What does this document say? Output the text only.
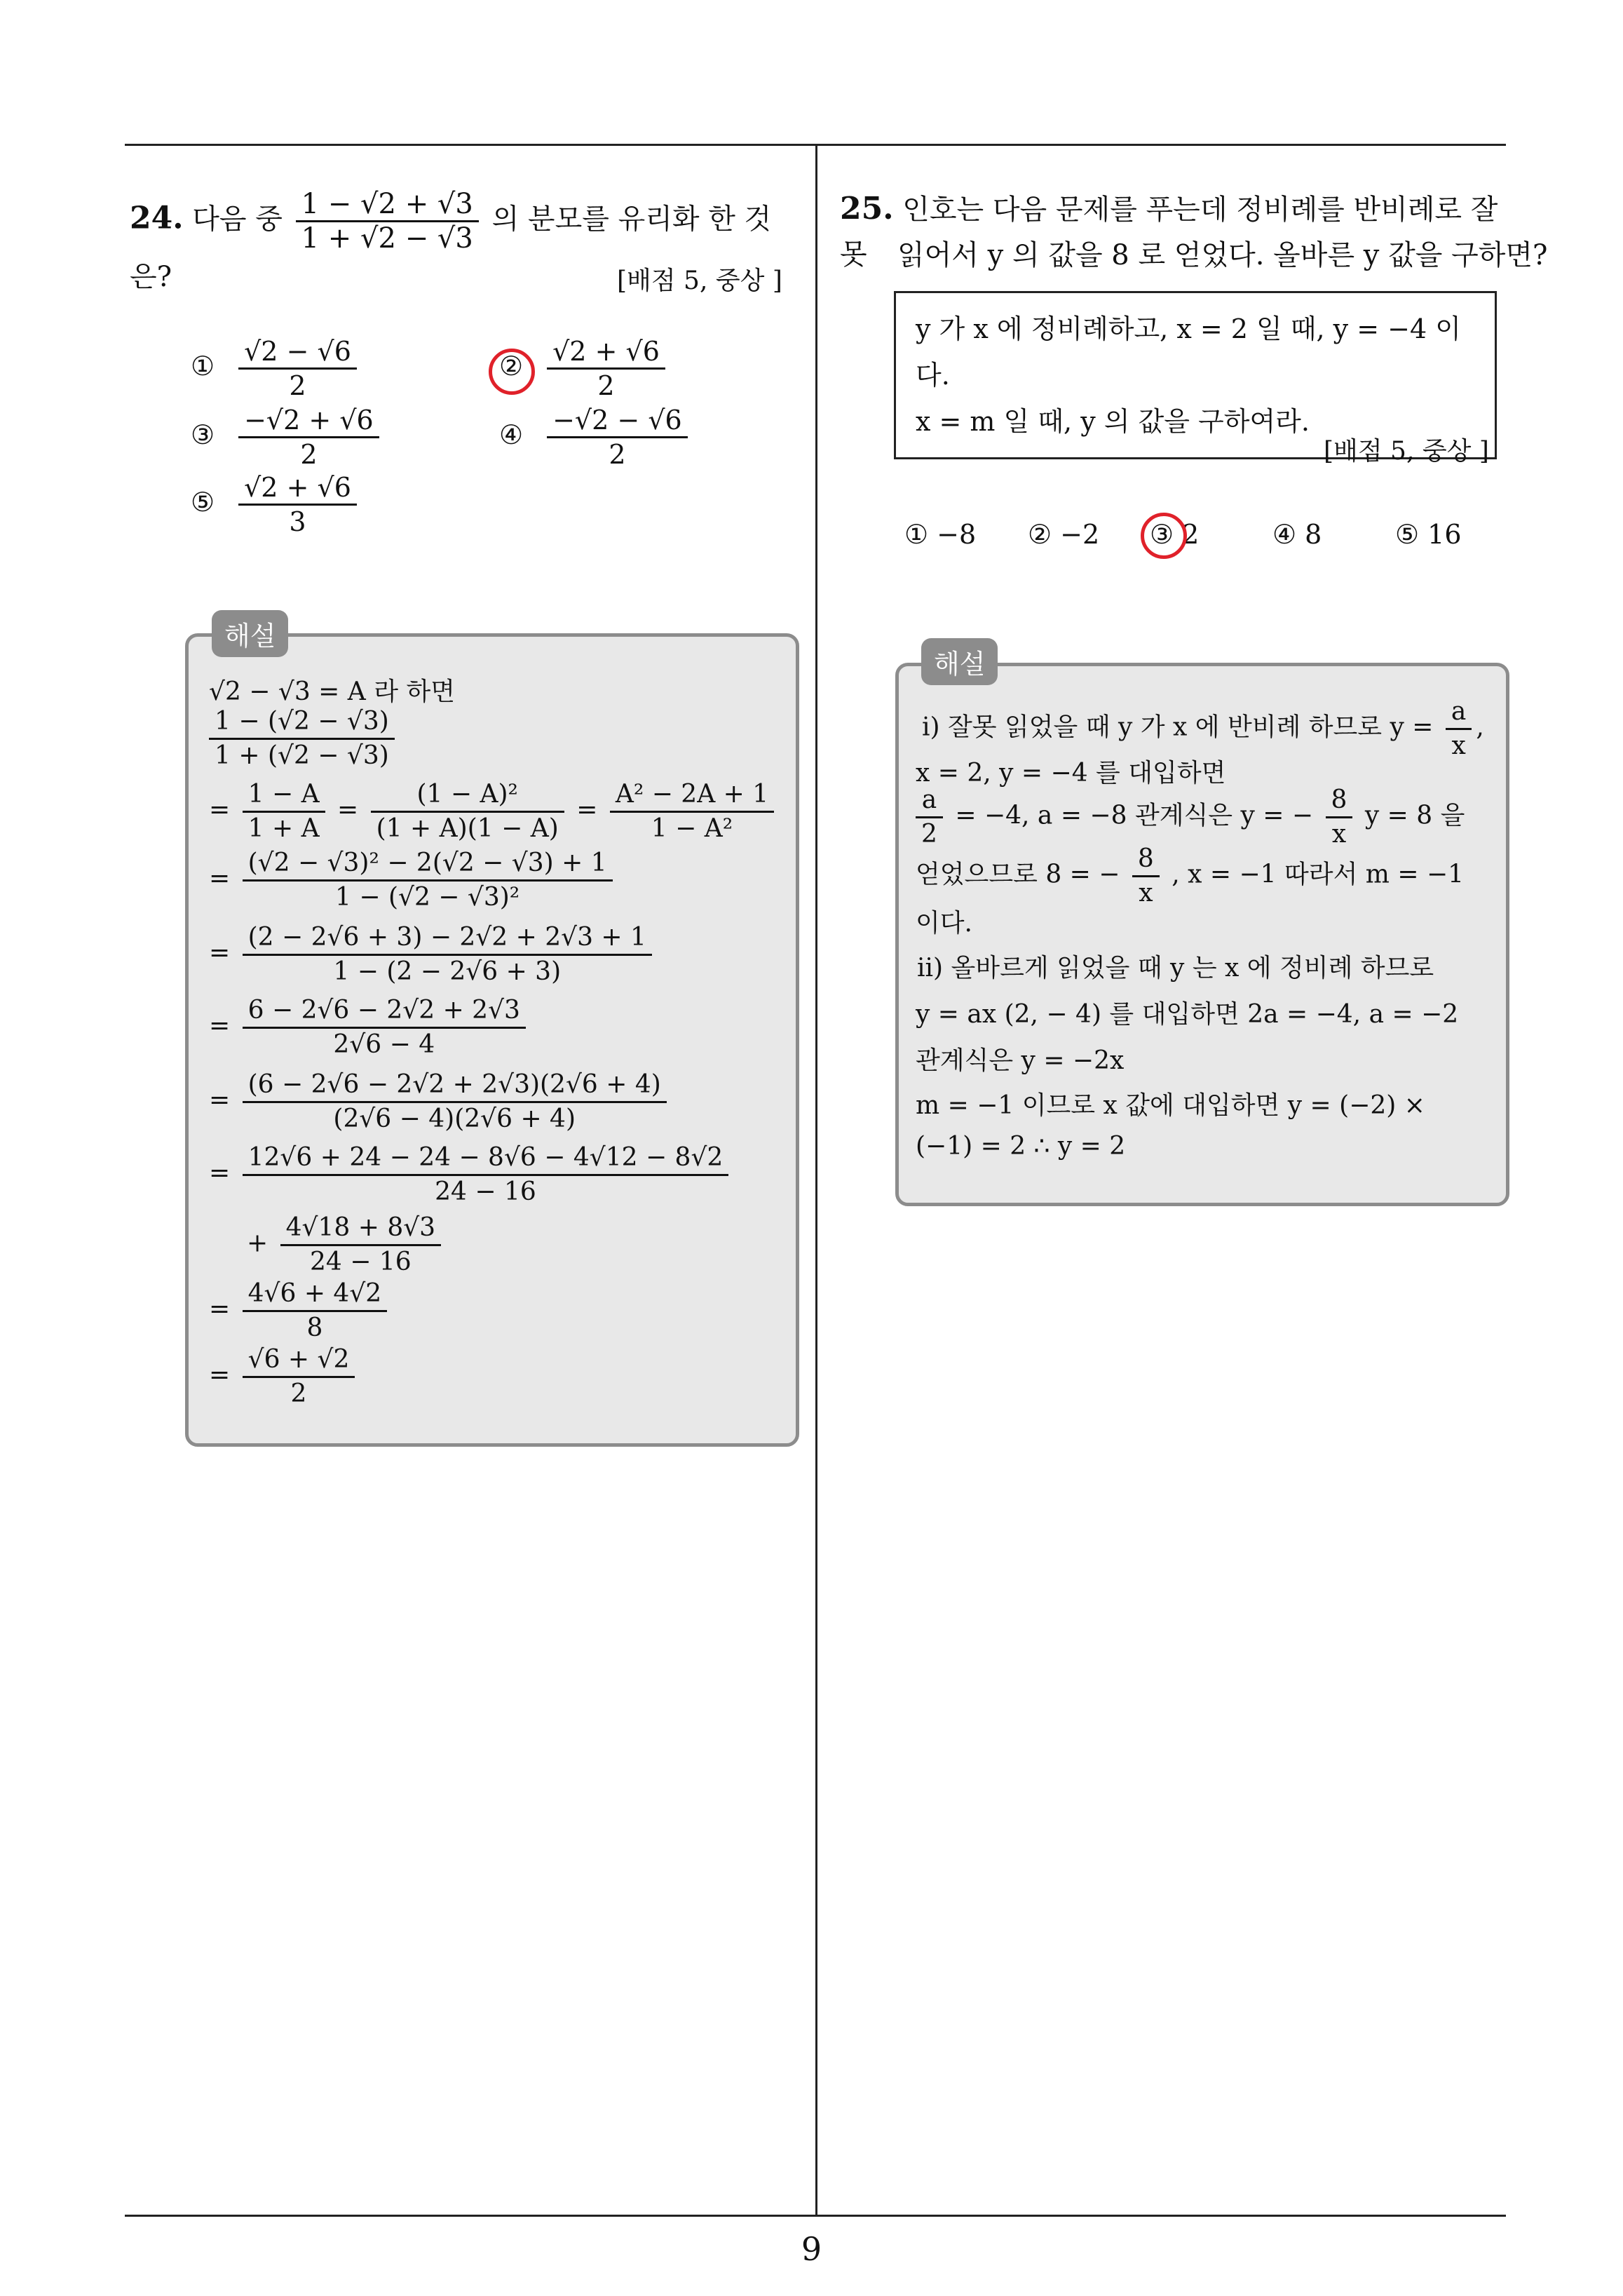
9
24. 다음 중 $\frac{1 - √2 + √3}{1 + √2 - √3}$ 의 분모를 유리화 한 것은?	[배점 5, 중상 ]
① $\frac{√2 - √6}{2}$	② $\frac{√2 + √6}{2}$
③ $\frac{-√2 + √6}{2}$	④ $\frac{-√2 - √6}{2}$
⑤ $\frac{√2 + √6}{3}$
해설
√2 − √3 = A 라 하면
$\frac{1 - (√2 - √3)}{1 + (√2 - √3)}$
= $\frac{1 - A}{1 + A} = \frac{\text{(1 − A)²}}{(1 + A)(1 - A)} = \frac{\text{A² − 2A + 1}}{\text{1 − A²}}$
= $\frac{\text{(√2 − √3)² − 2(√2 − √3) + 1}}{\text{1 − (√2 − √3)²}}$
= $\frac{(2 - 2√6 + 3) - 2√2 + 2√3 + 1}{1 - (2 - 2√6 + 3)}$
= $\frac{6 - 2√6 - 2√2 + 2√3}{2√6 - 4}$
= $\frac{(6 - 2√6 - 2√2 + 2√3)(2√6 + 4)}{(2√6 - 4)(2√6 + 4)}$
= $\frac{12√6 + 24 - 24 - 8√6 - 4√12 - 8√2}{24 - 16}$
+ $\frac{4√18 + 8√3}{24 - 16}$
= $\frac{4√6 + 4√2}{8}$
= $\frac{√6 + √2}{2}$
25. 인호는 다음 문제를 푸는데 정비례를 반비례로 잘못	읽어서 y 의 값을 8 로 얻었다. 올바른 y 값을 구하면?
y 가 x 에 정비례하고, x = 2 일 때, y = −4 이다.
x = m 일 때, y 의 값을 구하여라.
[배점 5, 중상 ]
① −8 ② −2 ③ 2	④ 8	⑤ 16
해설
ⅰ) 잘못 읽었을 때 y 가 x 에 반비례 하므로 $y = \frac{a}{x}$ ,
x = 2, y = −4 를 대입하면
$\frac{a}{2} = -4$, a = −8 관계식은 y = − $\frac{8}{x}$ y = 8 을
얻었으므로 8 = − $\frac{8}{x}$ , x = −1 따라서 m = −1
이다.
ⅱ) 올바르게 읽었을 때 y 는 x 에 정비례 하므로
y = ax (2, − 4) 를 대입하면 2a = −4, a = −2
관계식은 y = −2x
m = −1 이므로 x 값에 대입하면 y = (−2) ×
(−1) = 2 ∴ y = 2
